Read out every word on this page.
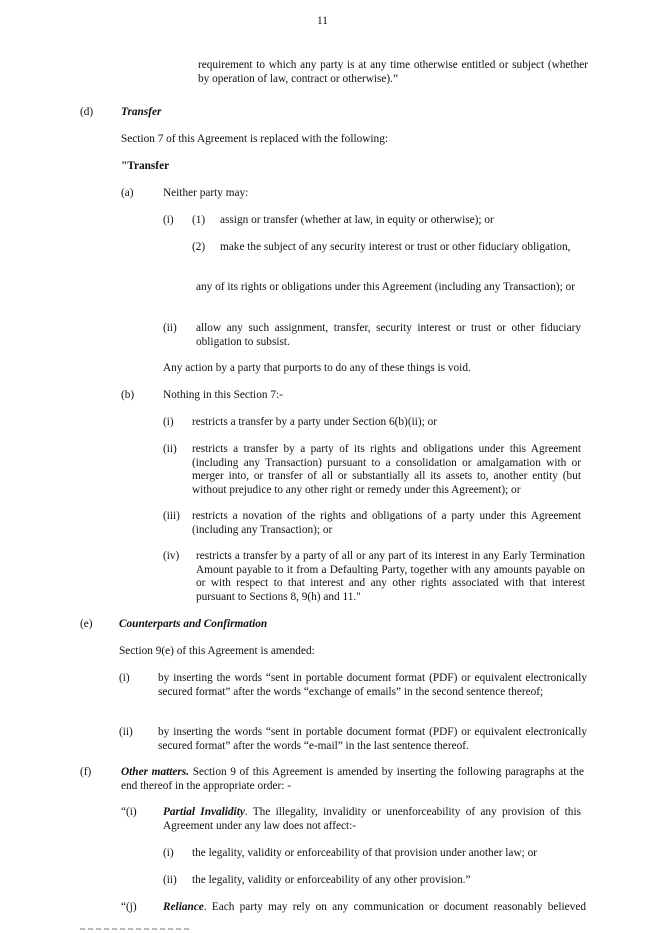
11
requirement to which any party is at any time otherwise entitled or subject (whether by operation of law, contract or otherwise).”
(d) Transfer
Section 7 of this Agreement is replaced with the following:
"Transfer
(a)	Neither party may:
(i) (1) assign or transfer (whether at law, in equity or otherwise); or
(2) make the subject of any security interest or trust or other fiduciary obligation,
any of its rights or obligations under this Agreement (including any Transaction); or
(ii) allow any such assignment, transfer, security interest or trust or other fiduciary obligation to subsist.
Any action by a party that purports to do any of these things is void.
(b)	Nothing in this Section 7:-
(i) restricts a transfer by a party under Section 6(b)(ii); or
(ii) restricts a transfer by a party of its rights and obligations under this Agreement (including any Transaction) pursuant to a consolidation or amalgamation with or merger into, or transfer of all or substantially all its assets to, another entity (but without prejudice to any other right or remedy under this Agreement); or
(iii) restricts a novation of the rights and obligations of a party under this Agreement (including any Transaction); or
(iv) restricts a transfer by a party of all or any part of its interest in any Early Termination Amount payable to it from a Defaulting Party, together with any amounts payable on or with respect to that interest and any other rights associated with that interest pursuant to Sections 8, 9(h) and 11."
(e) Counterparts and Confirmation
Section 9(e) of this Agreement is amended:
(i)	by inserting the words “sent in portable document format (PDF) or equivalent electronically secured format” after the words “exchange of emails” in the second sentence thereof;
(ii) by inserting the words “sent in portable document format (PDF) or equivalent electronically secured format” after the words “e-mail” in the last sentence thereof.
(f)	Other matters. Section 9 of this Agreement is amended by inserting the following paragraphs at the end thereof in the appropriate order: -
“(i) Partial Invalidity. The illegality, invalidity or unenforceability of any provision of this Agreement under any law does not affect:-
(i) the legality, validity or enforceability of that provision under another law; or
(ii) the legality, validity or enforceability of any other provision.”
“(j) Reliance. Each party may rely on any communication or document reasonably believed
